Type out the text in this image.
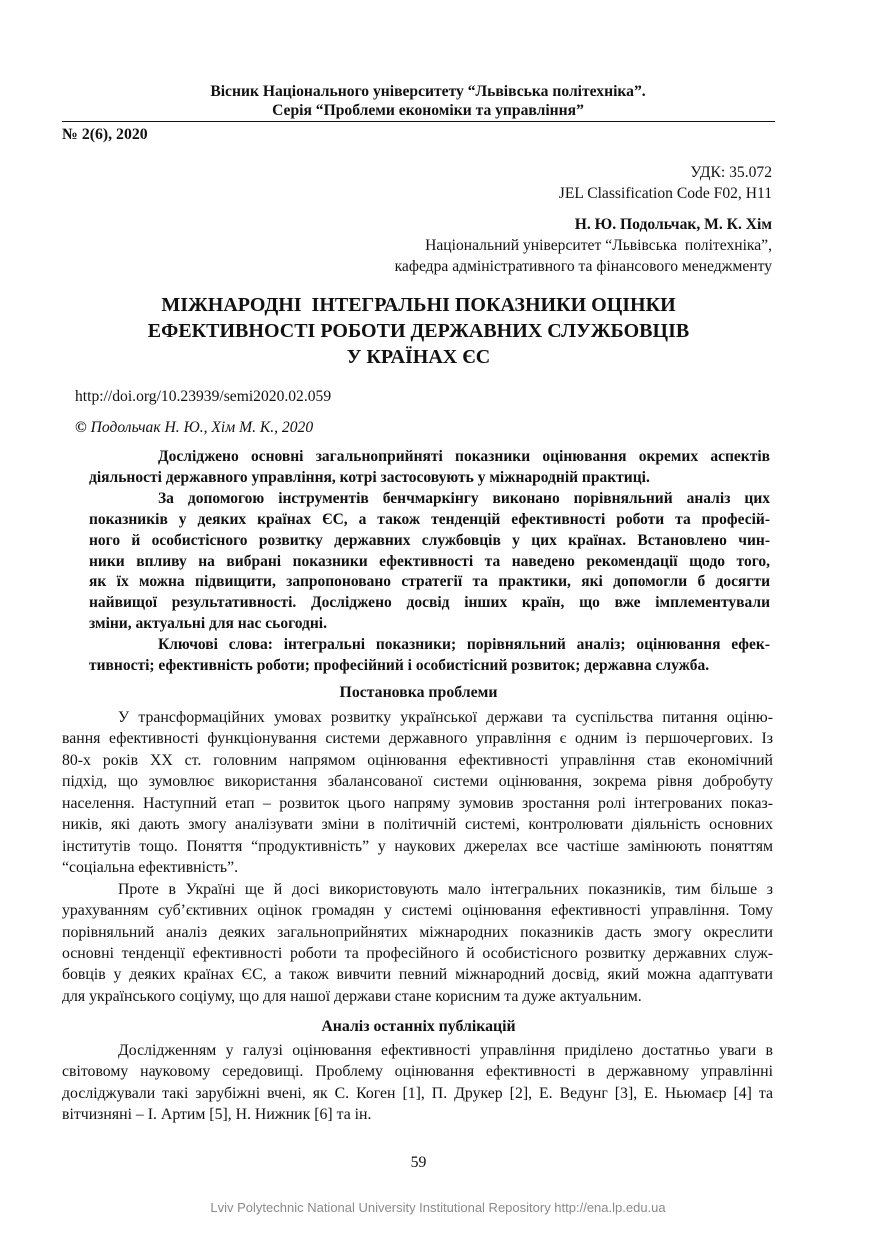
Вісник Національного університету “Львівська політехніка”.
Серія “Проблеми економіки та управління”
№ 2(6), 2020
УДК: 35.072
JEL Classification Code F02, H11
Н. Ю. Подольчак, М. К. Хім
Національний університет “Львівська  політехніка”,
кафедра адміністративного та фінансового менеджменту
МІЖНАРОДНІ  ІНТЕГРАЛЬНІ ПОКАЗНИКИ ОЦІНКИ
ЕФЕКТИВНОСТІ РОБОТИ ДЕРЖАВНИХ СЛУЖБОВЦІВ
У КРАЇНАХ ЄС
http://doi.org/10.23939/semi2020.02.059
© Подольчак Н. Ю., Хім М. К., 2020
Досліджено основні загальноприйняті показники оцінювання окремих аспектів
діяльності державного управління, котрі застосовують у міжнародній практиці.
За допомогою інструментів бенчмаркінгу виконано порівняльний аналіз цих
показників у деяких країнах ЄС, а також тенденцій ефективності роботи та професій-
ного й особистісного розвитку державних службовців у цих країнах. Встановлено чин-
ники впливу на вибрані показники ефективності та наведено рекомендації щодо того,
як їх можна підвищити, запропоновано стратегії та практики, які допомогли б досягти
найвищої результативності. Досліджено досвід інших країн, що вже імплементували
зміни, актуальні для нас сьогодні.
Ключові слова: інтегральні показники; порівняльний аналіз; оцінювання ефек-
тивності; ефективність роботи; професійний і особистісний розвиток; державна служба.
Постановка проблеми
У трансформаційних умовах розвитку української держави та суспільства питання оціню-
вання ефективності функціонування системи державного управління є одним із першочергових. Із
80-х років XX ст. головним напрямом оцінювання ефективності управління став економічний
підхід, що зумовлює використання збалансованої системи оцінювання, зокрема рівня добробуту
населення. Наступний етап – розвиток цього напряму зумовив зростання ролі інтегрованих показ-
ників, які дають змогу аналізувати зміни в політичній системі, контролювати діяльність основних
інститутів тощо. Поняття “продуктивність” у наукових джерелах все частіше замінюють поняттям
“соціальна ефективність”.
Проте в Україні ще й досі використовують мало інтегральних показників, тим більше з
урахуванням суб’єктивних оцінок громадян у системі оцінювання ефективності управління. Тому
порівняльний аналіз деяких загальноприйнятих міжнародних показників дасть змогу окреслити
основні тенденції ефективності роботи та професійного й особистісного розвитку державних служ-
бовців у деяких країнах ЄС, а також вивчити певний міжнародний досвід, який можна адаптувати
для українського соціуму, що для нашої держави стане корисним та дуже актуальним.
Аналіз останніх публікацій
Дослідженням у галузі оцінювання ефективності управління приділено достатньо уваги в
світовому науковому середовищі. Проблему оцінювання ефективності в державному управлінні
досліджували такі зарубіжні вчені, як С. Коген [1], П. Друкер [2], Е. Ведунг [3], Е. Ньюмаєр [4] та
вітчизняні – І. Артим [5], Н. Нижник [6] та ін.
59
Lviv Polytechnic National University Institutional Repository http://ena.lp.edu.ua
